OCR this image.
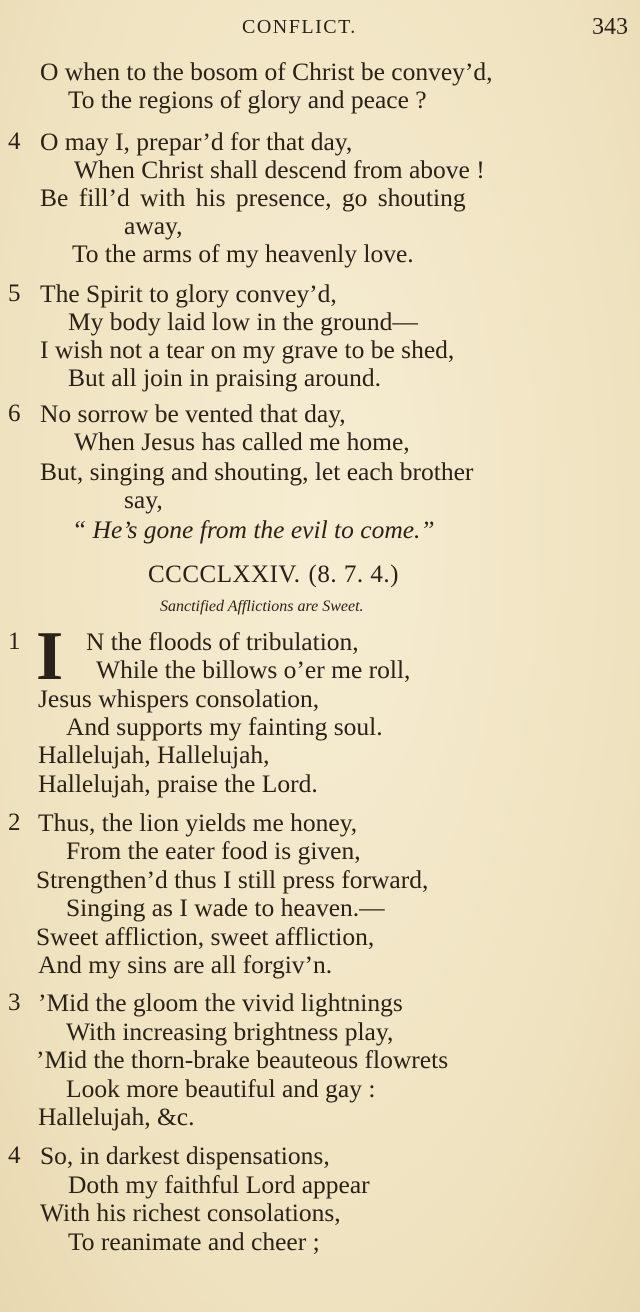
CONFLICT.	343
O when to the bosom of Christ be convey’d,
To the regions of glory and peace ?
4 O may I, prepar’d for that day,
When Christ shall descend from above !
Be fill’d with his presence, go shouting
away,
To the arms of my heavenly love.
5 The Spirit to glory convey’d,
My body laid low in the ground—
I wish not a tear on my grave to be shed,
But all join in praising around.
6 No sorrow be vented that day,
When Jesus has called me home,
But, singing and shouting, let each brother
say,
“ He’s gone from the evil to come.”
CCCCLXXIV. (8. 7. 4.)
Sanctified Afflictions are Sweet.
1 I N the floods of tribulation,
While the billows o’er me roll,
Jesus whispers consolation,
And supports my fainting soul.
Hallelujah, Hallelujah,
Hallelujah, praise the Lord.
2 Thus, the lion yields me honey,
From the eater food is given,
Strengthen’d thus I still press forward,
Singing as I wade to heaven.—
Sweet affliction, sweet affliction,
And my sins are all forgiv’n.
3 ’Mid the gloom the vivid lightnings
With increasing brightness play,
’Mid the thorn-brake beauteous flowrets
Look more beautiful and gay :
Hallelujah, &c.
4 So, in darkest dispensations,
Doth my faithful Lord appear
With his richest consolations,
To reanimate and cheer ;
